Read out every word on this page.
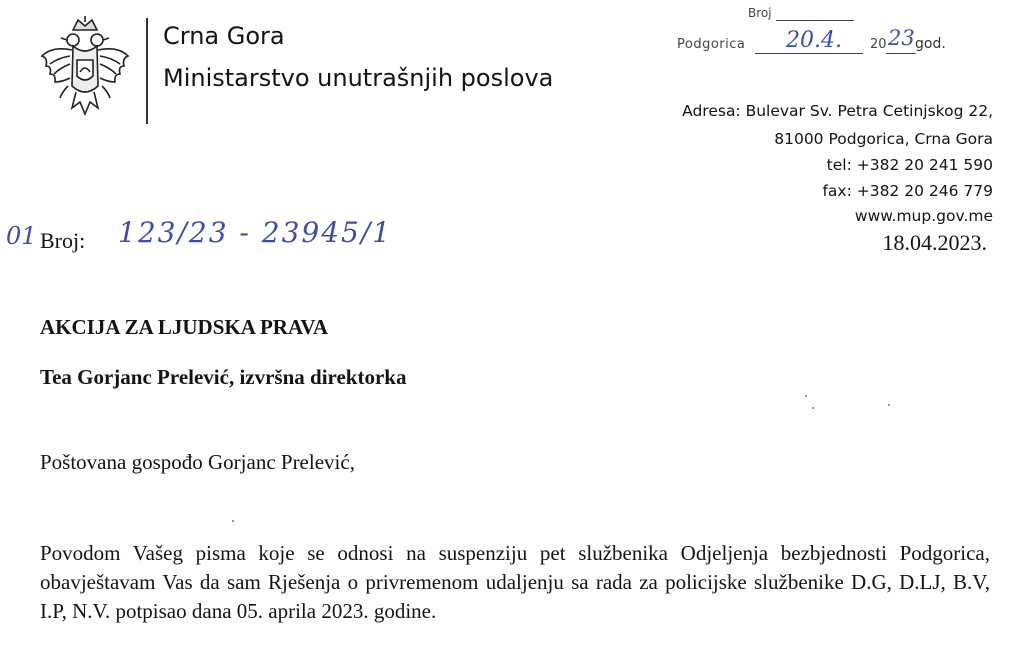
Crna Gora
Ministarstvo unutrašnjih poslova
Broj
Podgorica 20.4. 20 23 god.
Adresa: Bulevar Sv. Petra Cetinjskog 22,
81000 Podgorica, Crna Gora
tel: +382 20 241 590
fax: +382 20 246 779
www.mup.gov.me
18.04.2023.
01 Broj: 123/23 - 23945/1
AKCIJA ZA LJUDSKA PRAVA
Tea Gorjanc Prelević, izvršna direktorka
Poštovana gospođo Gorjanc Prelević,
Povodom Vašeg pisma koje se odnosi na suspenziju pet službenika Odjeljenja bezbjednosti Podgorica, obavještavam Vas da sam Rješenja o privremenom udaljenju sa rada za policijske službenike D.G, D.LJ, B.V, I.P, N.V. potpisao dana 05. aprila 2023. godine.
